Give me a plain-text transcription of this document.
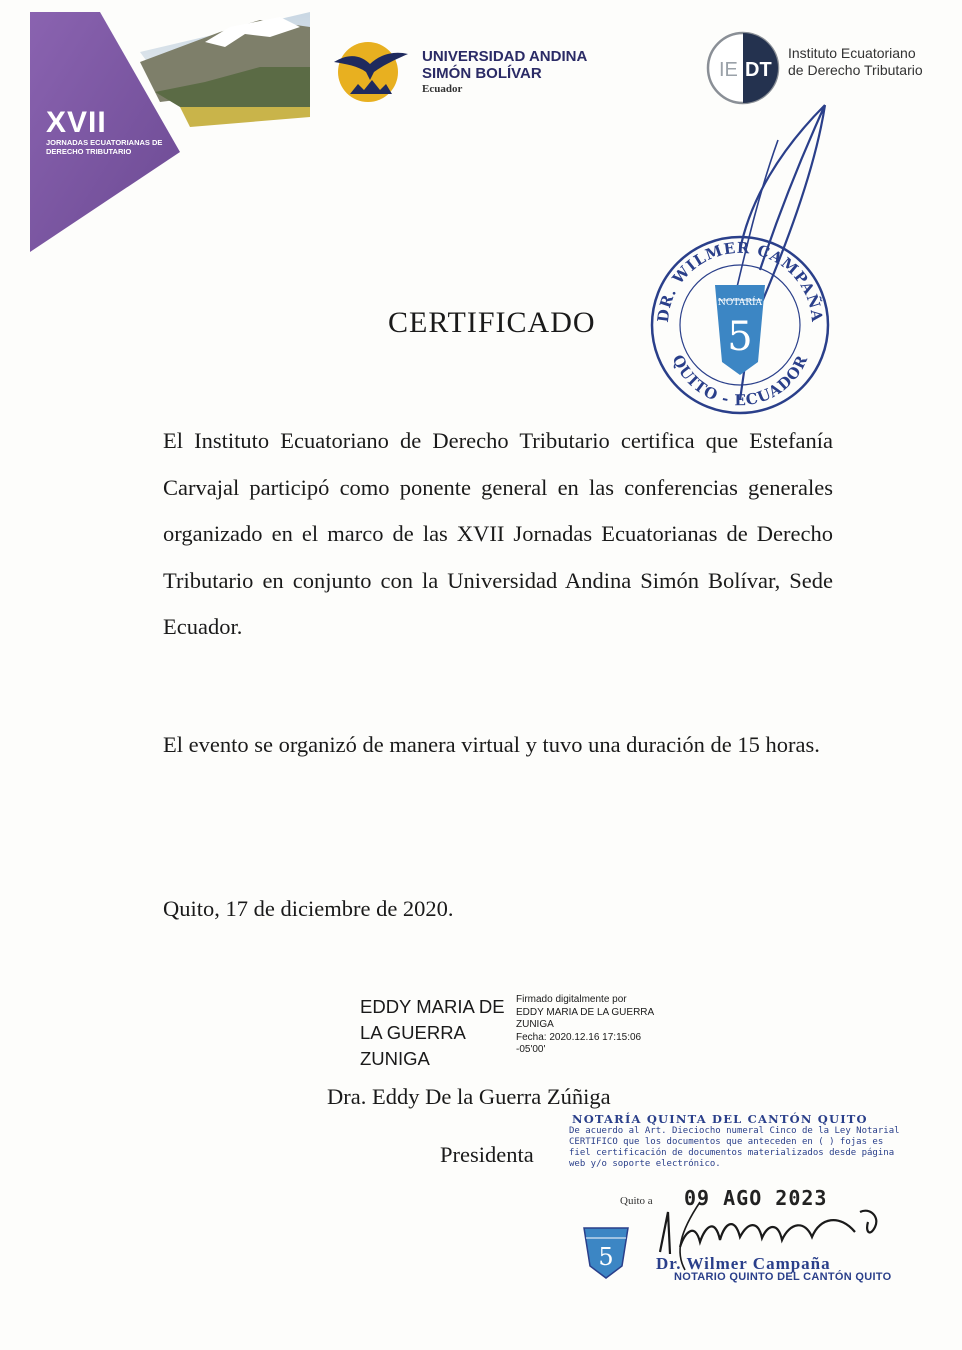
XVII
JORNADAS ECUATORIANAS DE DERECHO TRIBUTARIO
UNIVERSIDAD ANDINA
SIMÓN BOLÍVAR
Ecuador
IE DT
Instituto Ecuatoriano
de Derecho Tributario
DR. WILMER CAMPAÑA
QUITO - ECUADOR
NOTARÍA
5
CERTIFICADO
El Instituto Ecuatoriano de Derecho Tributario certifica que Estefanía Carvajal participó como ponente general en las conferencias generales organizado en el marco de las XVII Jornadas Ecuatorianas de Derecho Tributario en conjunto con la Universidad Andina Simón Bolívar, Sede Ecuador.
El evento se organizó de manera virtual y tuvo una duración de 15 horas.
Quito, 17 de diciembre de 2020.
EDDY MARIA DE LA GUERRA ZUNIGA
Firmado digitalmente por
EDDY MARIA DE LA GUERRA ZUNIGA
Fecha: 2020.12.16 17:15:06
-05'00'
Dra. Eddy De la Guerra Zúñiga
Presidenta
NOTARÍA QUINTA DEL CANTÓN QUITO
De acuerdo al Art. Dieciocho numeral Cinco de la Ley Notarial CERTIFICO que los documentos que anteceden en ( ) fojas es fiel certificación de documentos materializados desde página web y/o soporte electrónico.
Quito a 09 AGO 2023
5 Dr. Wilmer Campaña
NOTARIO QUINTO DEL CANTÓN QUITO
